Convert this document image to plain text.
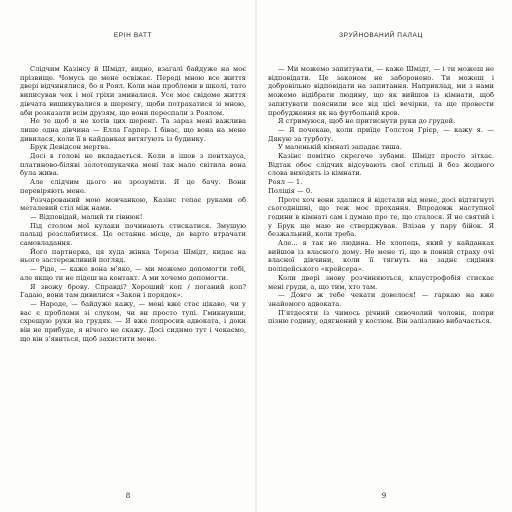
ЕРІН ВАТТ

Слідчим Казінсу й Шмідт, видно, взагалі байдуже на моє прізвище. Чомусь це мене освіжає. Переді мною все життя двері відчинялися, бо я Роял. Коли мав проблеми в школі, тато виписував чек і мої гріхи змивалися. Усе моє свідоме життя дівчата вишикувалися в шеренгу, щоби потрахатися зі мною, аби розказати всім друзям, що вони переспали з Роялом.

Не те щоб я не хотів цих шеренг. Та зараз мені важлива лише одна дівчина — Елла Гарпер. І бівас, що вона на мене дивилася, коли її в кайданках витягують із будинку.

Брук Девідсон мертва.

Досі в голові не вкладається. Коли я ішов з пентхауса, платиново-біляві золотошукачка мені так мало світила вона була жива.

Але слідчим цього не зрозуміти. Я це бачу. Вони перевіряють мене.

Розчарований мою мовчанкою, Казінс гепає руками об металевий стіл між нами.

— Відповідай, малий ти гівнюк!

Під столом мої кулаки починають стискатися. Змушую пальці розслабитися. Це останнє місце, де варто втрачати самовладання.

Його партнерка, ця худа жінка Тереза Шмідт, кидає на нього застережливий погляд.

— Ріде, — каже вона м’яко, — ми можемо допомогти тобі, але якщо ти не підеш на контакт. А ми хочемо допомогти.

Я звожу брову. Справді? Хороший коп / поганий коп? Гадаю, вони там дивилися «Закон і порядок».

— Народе, — байдуже кажу, — мені вже стає цікаво, чи у вас є проблеми зі слухом, чи ви просто тупі. Гмикнувши, схрещую руки на грудях. — Я вже попросив адвоката, і доки він не прибуде, я нічого не скажу. Досі сидимо тут і чекаємо, що він з’явиться, щоб захистити мене.

8
ЗРУЙНОВАНИЙ ПАЛАЦ

— Ми можемо запитувати, — каже Шмідт, — і ти можеш не відповідати. Це законом не заборонено. Ти можеш і добровільно відповідати на запитання. Наприклад, ми з нами можемо відібрати людину, що як вийшов із кімнати, щоб запитувати пояснили все від цієї вечірки, та ще провести пробудження як на футбольній кров.

Я стримуюся, щоб не притиснути руки до грудей.

— Я почекаю, коли приїде Голстон Грієр, — кажу я. — Дякую за турботу.

У маленькій кімнаті западає тиша.

Казінс помітно скрегоче зубами. Шмідт просто зітхає. Відтак обоє слідчих відсувають свої стільці й без жодного слова виходять із кімнати.

Роял — 1.

Поліція — 0.

Проте хоч вони здалися й відстали від мене, досі відтягнуті сьогоднішні, що теж моє прохання. Впродовж наступної години в кімнаті сам і думаю про те, що сталося. Я не святий і у Брук ще маю не стверджував. Влізав у пару бійок. Я безжальний, коли треба.

Але... я так не людина. Не хлопець, який у кайданках вийшов із власного дому. Не мене ті, що в повній страху очі власної дівчини, коли її тягнуть на заднє сидіння поліцейського «крейсера».

Коли двері знову розчиняються, клаустрофобія стискає мені груди, а, що тим, хто там.

— Довго ж тебе чекати довелося! — гаркаю на вже знайомого адвоката.

П’ятдесяти із чимось річний сивочолий чоловік, попри пізню годину, одягнений у костюм. Він залізливо вибачається.

9
